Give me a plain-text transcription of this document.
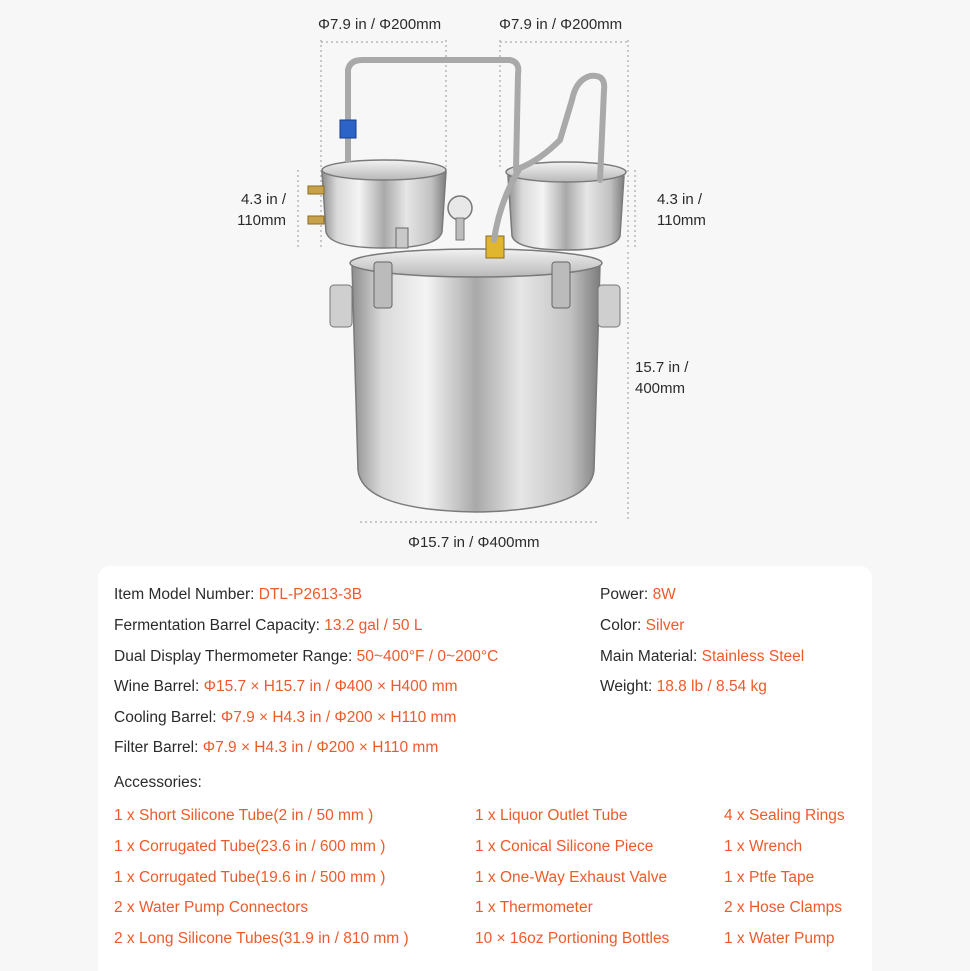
Φ7.9 in / Φ200mm	Φ7.9 in / Φ200mm
4.3 in /
110mm
4.3 in /
110mm
15.7 in /
400mm
Φ15.7 in / Φ400mm
Item Model Number: DTL-P2613-3B
Fermentation Barrel Capacity: 13.2 gal / 50 L
Dual Display Thermometer Range: 50~400°F / 0~200°C
Wine Barrel: Φ15.7 × H15.7 in / Φ400 × H400 mm
Cooling Barrel: Φ7.9 × H4.3 in / Φ200 × H110 mm
Filter Barrel: Φ7.9 × H4.3 in / Φ200 × H110 mm
Power: 8W
Color: Silver
Main Material: Stainless Steel
Weight: 18.8 lb / 8.54 kg
Accessories:
1 x Short Silicone Tube(2 in / 50 mm )
1 x Corrugated Tube(23.6 in / 600 mm )
1 x Corrugated Tube(19.6 in / 500 mm )
2 x Water Pump Connectors
2 x Long Silicone Tubes(31.9 in / 810 mm )
1 x Liquor Outlet Tube
1 x Conical Silicone Piece
1 x One-Way Exhaust Valve
1 x Thermometer
10 × 16oz Portioning Bottles
4 x Sealing Rings
1 x Wrench
1 x Ptfe Tape
2 x Hose Clamps
1 x Water Pump
